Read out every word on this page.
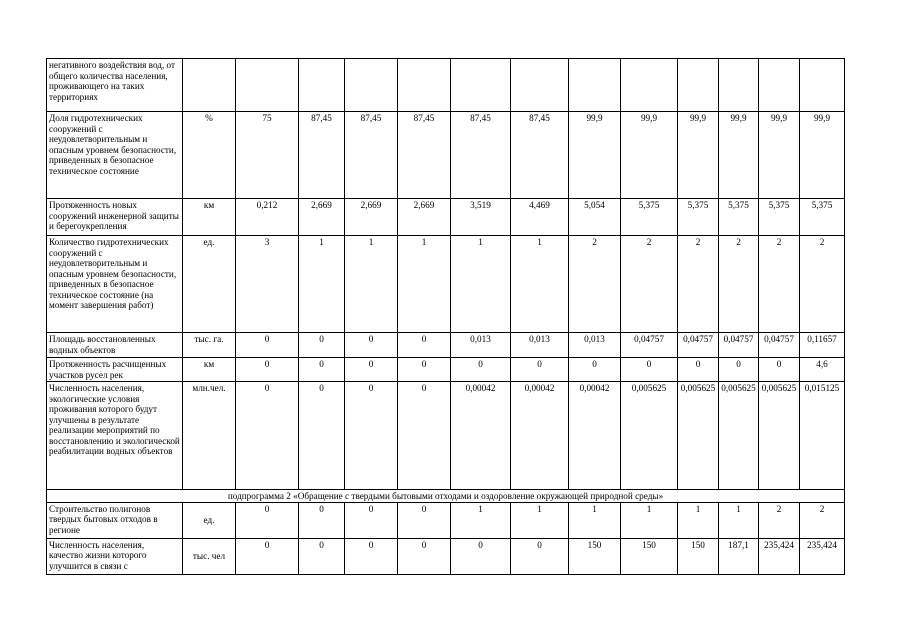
негативного воздействия вод, от общего количества населения, проживающего на таких территориях													
Доля гидротехнических сооружений с неудовлетворительным и опасным уровнем безопасности, приведенных в безопасное техническое состояние	%	75	87,45	87,45	87,45	87,45	87,45	99,9	99,9	99,9	99,9	99,9	99,9
Протяженность новых сооружений инженерной защиты и берегоукрепления	км	0,212	2,669	2,669	2,669	3,519	4,469	5,054	5,375	5,375	5,375	5,375	5,375
Количество гидротехнических сооружений с неудовлетворительным и опасным уровнем безопасности, приведенных в безопасное техническое состояние (на момент завершения работ)	ед.	3	1	1	1	1	1	2	2	2	2	2	2
Площадь восстановленных водных объектов	тыс. га.	0	0	0	0	0,013	0,013	0,013	0,04757	0,04757	0,04757	0,04757	0,11657
Протяженность расчищенных участков русел рек	км	0	0	0	0	0	0	0	0	0	0	0	4,6
Численность населения, экологические условия проживания которого будут улучшены в результате реализации мероприятий по восстановлению и экологической реабилитации водных объектов	млн.чел.	0	0	0	0	0,00042	0,00042	0,00042	0,005625	0,005625	0,005625	0,005625	0,015125
подпрограмма 2 «Обращение с твердыми бытовыми отходами и оздоровление окружающей природной среды»													
Строительство полигонов твердых бытовых отходов в регионе	ед.	0	0	0	0	1	1	1	1	1	1	2	2
Численность населения, качество жизни которого улучшится в связи с	тыс. чел	0	0	0	0	0	0	150	150	150	187,1	235,424	235,424
